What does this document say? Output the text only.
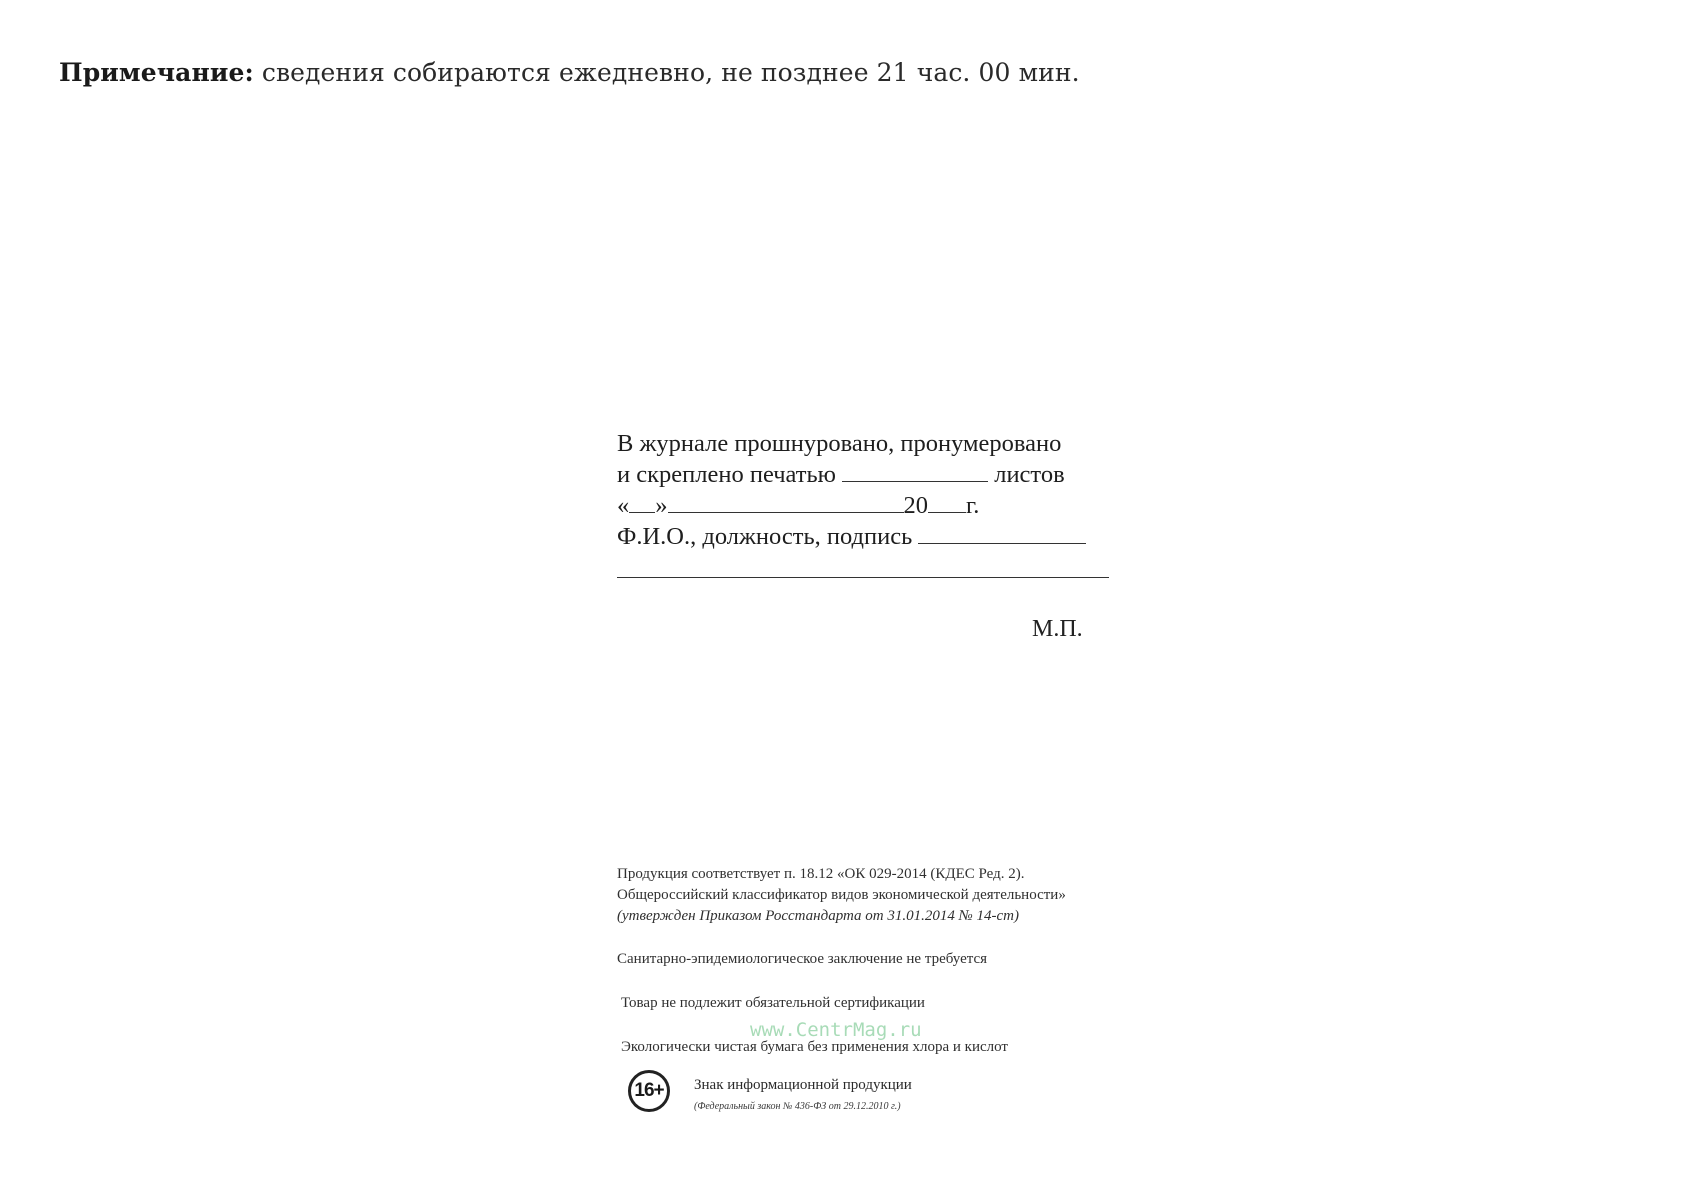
Примечание: сведения собираются ежедневно, не позднее 21 час. 00 мин.
В журнале прошнуровано, пронумеровано
и скреплено печатью	листов
« »	20 г.
Ф.И.О., должность, подпись
М.П.
Продукция соответствует п. 18.12 «ОК 029-2014 (КДЕС Ред. 2).
Общероссийский классификатор видов экономической деятельности»
(утвержден Приказом Росстандарта от 31.01.2014 № 14-ст)
Санитарно-эпидемиологическое заключение не требуется
Товар не подлежит обязательной сертификации
Экологически чистая бумага без применения хлора и кислот
16+	Знак информационной продукции
(Федеральный закон № 436-ФЗ от 29.12.2010 г.)
www.CentrMag.ru
